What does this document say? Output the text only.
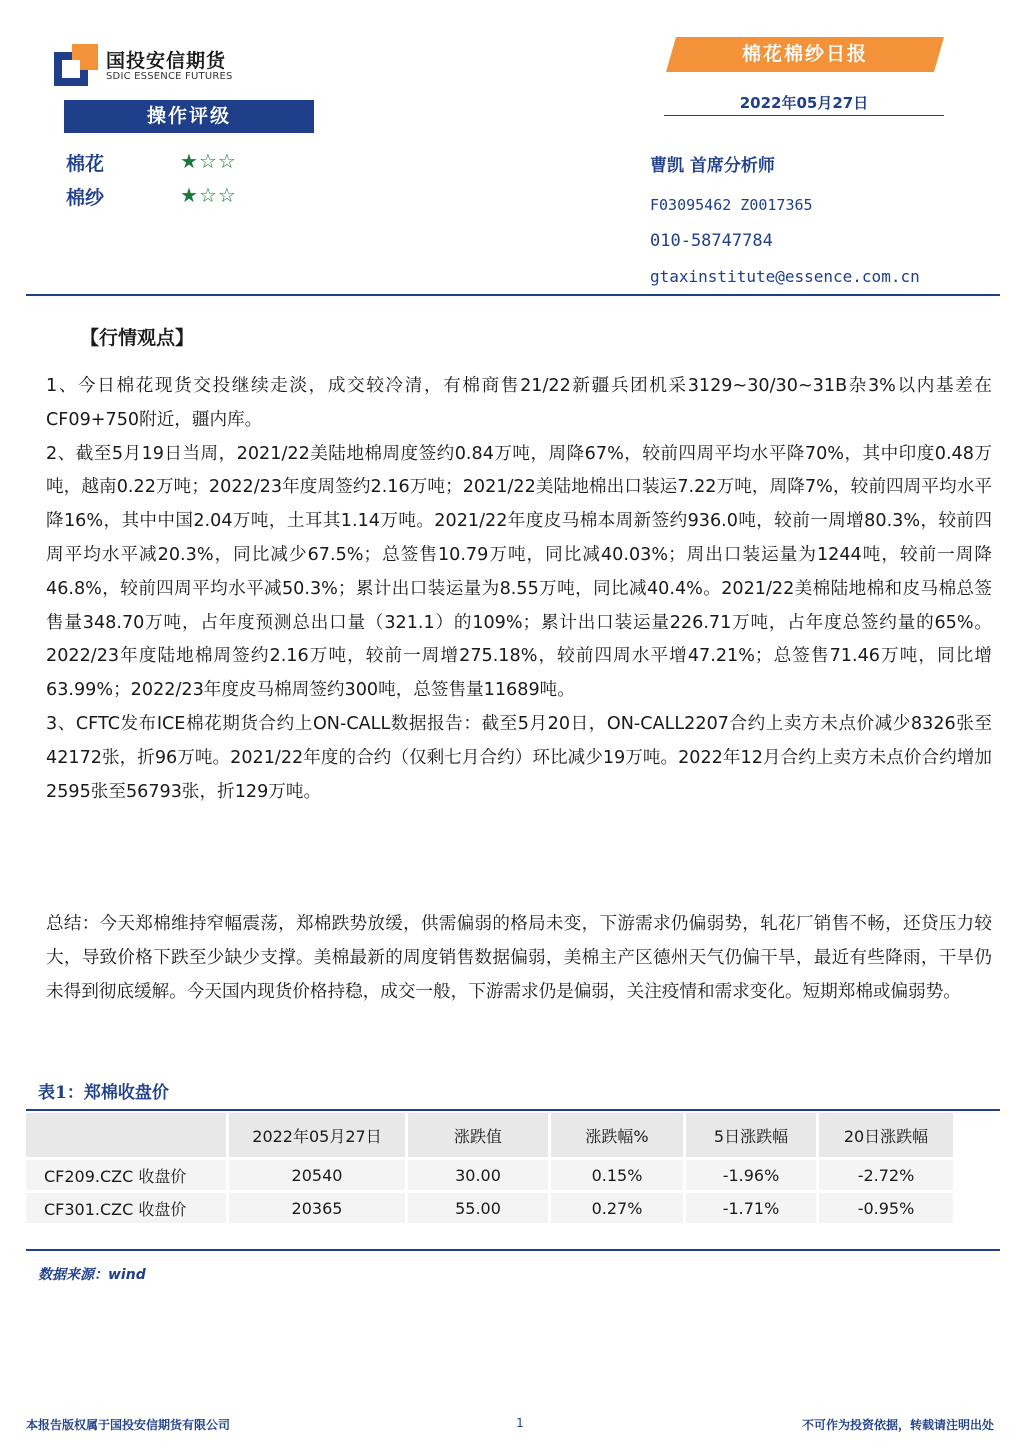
国投安信期货
SDIC ESSENCE FUTURES
棉花棉纱日报
2022年05月27日
操作评级
棉花	★☆☆
棉纱	★☆☆
曹凯 首席分析师
F03095462 Z0017365
010-58747784
gtaxinstitute@essence.com.cn
【行情观点】

1、今日棉花现货交投继续走淡，成交较冷清，有棉商售21/22新疆兵团机采3129~30/30~31B杂3%以内基差在CF09+750附近，疆内库。

2、截至5月19日当周，2021/22美陆地棉周度签约0.84万吨，周降67%，较前四周平均水平降70%，其中印度0.48万吨，越南0.22万吨；2022/23年度周签约2.16万吨；2021/22美陆地棉出口装运7.22万吨，周降7%，较前四周平均水平降16%，其中中国2.04万吨，土耳其1.14万吨。2021/22年度皮马棉本周新签约936.0吨，较前一周增80.3%，较前四周平均水平减20.3%，同比减少67.5%；总签售10.79万吨，同比减40.03%；周出口装运量为1244吨，较前一周降46.8%，较前四周平均水平减50.3%；累计出口装运量为8.55万吨，同比减40.4%。2021/22美棉陆地棉和皮马棉总签售量348.70万吨，占年度预测总出口量（321.1）的109%；累计出口装运量226.71万吨，占年度总签约量的65%。2022/23年度陆地棉周签约2.16万吨，较前一周增275.18%，较前四周水平增47.21%；总签售71.46万吨，同比增63.99%；2022/23年度皮马棉周签约300吨，总签售量11689吨。

3、CFTC发布ICE棉花期货合约上ON-CALL数据报告：截至5月20日，ON-CALL2207合约上卖方未点价减少8326张至42172张，折96万吨。2021/22年度的合约（仅剩七月合约）环比减少19万吨。2022年12月合约上卖方未点价合约增加2595张至56793张，折129万吨。

总结：今天郑棉维持窄幅震荡，郑棉跌势放缓，供需偏弱的格局未变，下游需求仍偏弱势，轧花厂销售不畅，还贷压力较大，导致价格下跌至少缺少支撑。美棉最新的周度销售数据偏弱，美棉主产区德州天气仍偏干旱，最近有些降雨，干旱仍未得到彻底缓解。今天国内现货价格持稳，成交一般，下游需求仍是偏弱，关注疫情和需求变化。短期郑棉或偏弱势。
表1：郑棉收盘价
	2022年05月27日	涨跌值	涨跌幅%	5日涨跌幅	20日涨跌幅
CF209.CZC 收盘价	20540	30.00	0.15%	-1.96%	-2.72%
CF301.CZC 收盘价	20365	55.00	0.27%	-1.71%	-0.95%
数据来源：wind
本报告版权属于国投安信期货有限公司	1	不可作为投资依据，转载请注明出处
